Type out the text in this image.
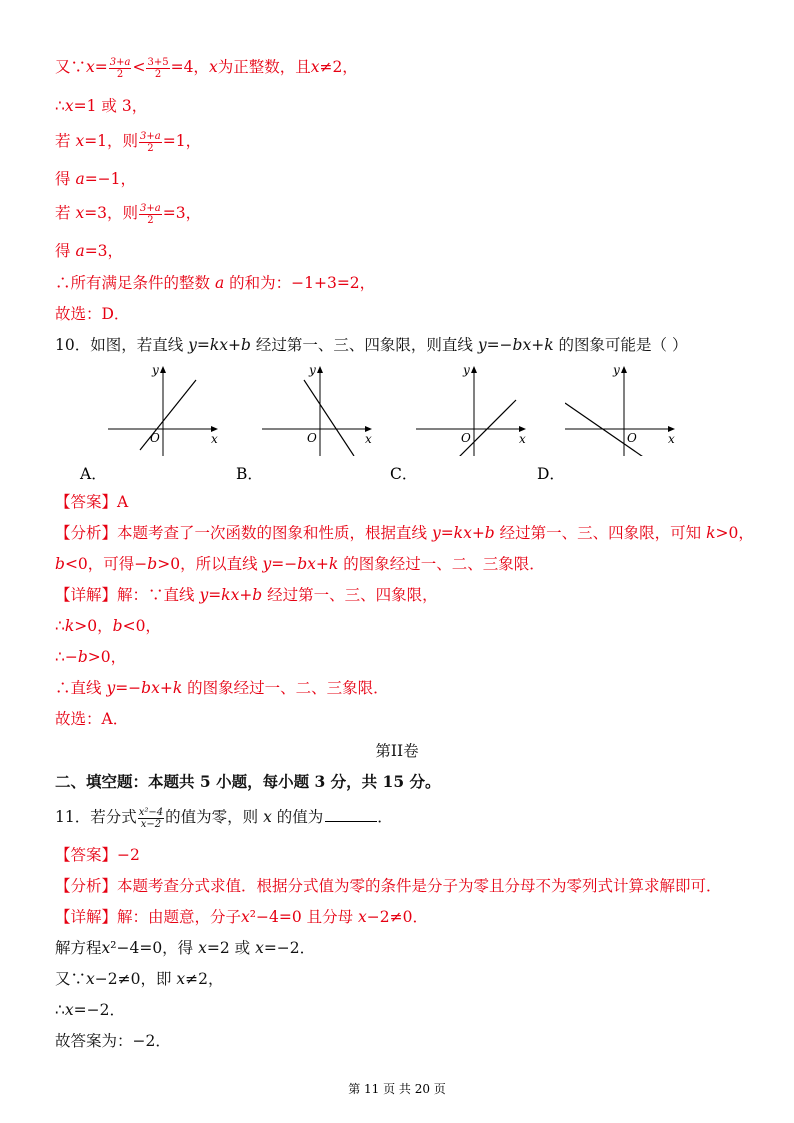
又∵x= $\frac{3+a}{2} < \frac{3+5}{2} =4$，x为正整数，且x≠2，
∴x=1 或 3，
若 x=1，则 $\frac{3+a}{2} =1$，
得 a=−1，
若 x=3，则 $\frac{3+a}{2} =3$，
得 a=3，
∴所有满足条件的整数 a 的和为：−1+3=2，
故选：D．
10．如图，若直线 y=kx+b 经过第一、三、四象限，则直线 y=−bx+k 的图象可能是（ ）
y
x
O
y
x
O
y
x
O
y
x
O
A．	B．	C．	D．
【答案】A
【分析】本题考查了一次函数的图象和性质，根据直线 y=kx+b 经过第一、三、四象限，可知 k>0，
b<0，可得−b>0，所以直线 y=−bx+k 的图象经过一、二、三象限．
【详解】解：∵直线 y=kx+b 经过第一、三、四象限，
∴k>0，b<0，
∴−b>0，
∴直线 y=−bx+k 的图象经过一、二、三象限．
故选：A．
第II卷
二、填空题：本题共 5 小题，每小题 3 分，共 15 分。
11．若分式 $\frac{\text{x²−4}}{x-2}$ 的值为零，则 x 的值为	．
【答案】−2
【分析】本题考查分式求值．根据分式值为零的条件是分子为零且分母不为零列式计算求解即可．
【详解】解：由题意，分子x²−4=0 且分母 x−2≠0．
解方程x²−4=0，得 x=2 或 x=−2．
又∵x−2≠0，即 x≠2，
∴x=−2．
故答案为：−2．
第 11 页 共 20 页
